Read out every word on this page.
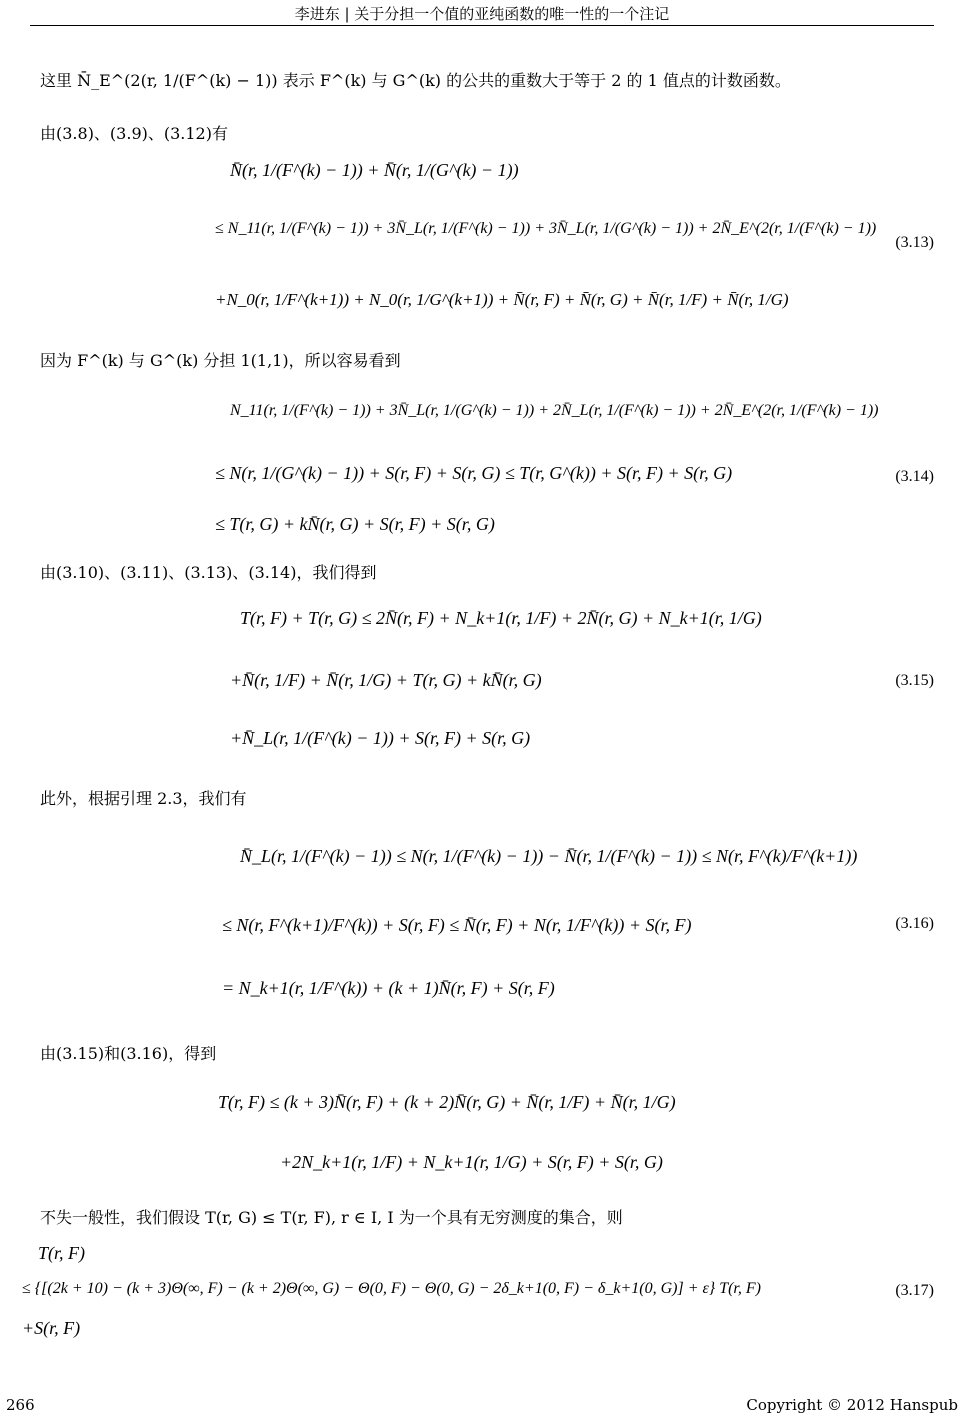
李进东 | 关于分担一个值的亚纯函数的唯一性的一个注记
这里 N̄_E^(2(r, 1/(F^(k) − 1)) 表示 F^(k) 与 G^(k) 的公共的重数大于等于 2 的 1 值点的计数函数。
由(3.8)、(3.9)、(3.12)有
N̄(r, 1/(F^(k) − 1)) + N̄(r, 1/(G^(k) − 1))
≤ N_11(r, 1/(F^(k) − 1)) + 3N̄_L(r, 1/(F^(k) − 1)) + 3N̄_L(r, 1/(G^(k) − 1)) + 2N̄_E^(2(r, 1/(F^(k) − 1))
+N_0(r, 1/F^(k+1)) + N_0(r, 1/G^(k+1)) + N̄(r, F) + N̄(r, G) + N̄(r, 1/F) + N̄(r, 1/G)
(3.13)
因为 F^(k) 与 G^(k) 分担 1(1,1)，所以容易看到
N_11(r, 1/(F^(k) − 1)) + 3N̄_L(r, 1/(G^(k) − 1)) + 2N̄_L(r, 1/(F^(k) − 1)) + 2N̄_E^(2(r, 1/(F^(k) − 1))
≤ N(r, 1/(G^(k) − 1)) + S(r, F) + S(r, G) ≤ T(r, G^(k)) + S(r, F) + S(r, G)
≤ T(r, G) + kN̄(r, G) + S(r, F) + S(r, G)
(3.14)
由(3.10)、(3.11)、(3.13)、(3.14)，我们得到
T(r, F) + T(r, G) ≤ 2N̄(r, F) + N_k+1(r, 1/F) + 2N̄(r, G) + N_k+1(r, 1/G)
+N̄(r, 1/F) + N̄(r, 1/G) + T(r, G) + kN̄(r, G)
+N̄_L(r, 1/(F^(k) − 1)) + S(r, F) + S(r, G)
(3.15)
此外，根据引理 2.3，我们有
N̄_L(r, 1/(F^(k) − 1)) ≤ N(r, 1/(F^(k) − 1)) − N̄(r, 1/(F^(k) − 1)) ≤ N(r, F^(k)/F^(k+1))
≤ N(r, F^(k+1)/F^(k)) + S(r, F) ≤ N̄(r, F) + N(r, 1/F^(k)) + S(r, F)
= N_k+1(r, 1/F^(k)) + (k + 1)N̄(r, F) + S(r, F)
(3.16)
由(3.15)和(3.16)，得到
T(r, F) ≤ (k + 3)N̄(r, F) + (k + 2)N̄(r, G) + N̄(r, 1/F) + N̄(r, 1/G)
+2N_k+1(r, 1/F) + N_k+1(r, 1/G) + S(r, F) + S(r, G)
不失一般性，我们假设 T(r, G) ≤ T(r, F), r ∈ I, I 为一个具有无穷测度的集合，则
T(r, F)
≤ {[(2k + 10) − (k + 3)Θ(∞, F) − (k + 2)Θ(∞, G) − Θ(0, F) − Θ(0, G) − 2δ_k+1(0, F) − δ_k+1(0, G)] + ε} T(r, F)
+S(r, F)
(3.17)
266	Copyright © 2012 Hanspub
